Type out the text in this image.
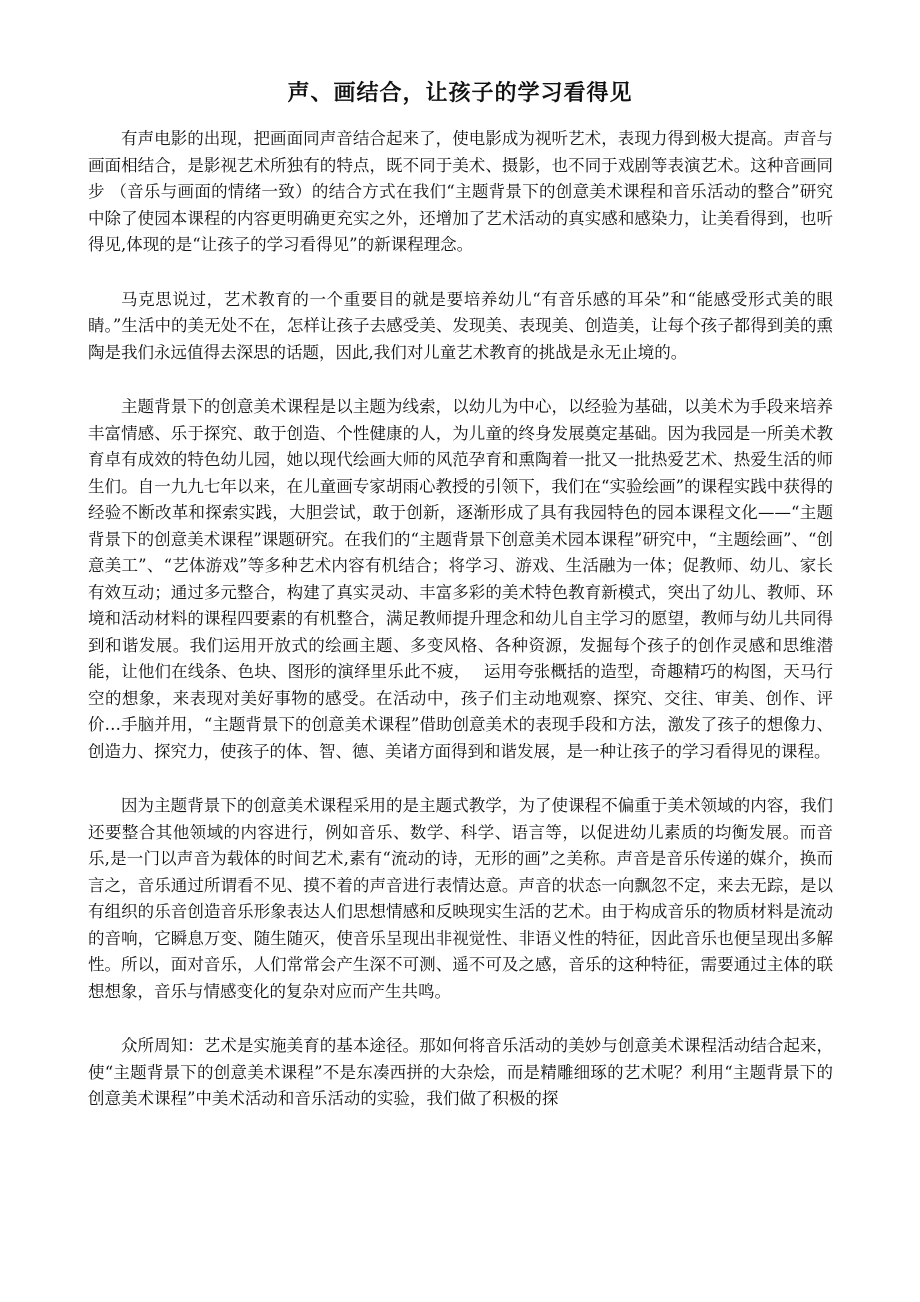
声、画结合，让孩子的学习看得见

有声电影的出现，把画面同声音结合起来了，使电影成为视听艺术，表现力得到极大提高。声音与画面相结合，是影视艺术所独有的特点，既不同于美术、摄影，也不同于戏剧等表演艺术。这种音画同步 （音乐与画面的情绪一致）的结合方式在我们“主题背景下的创意美术课程和音乐活动的整合”研究中除了使园本课程的内容更明确更充实之外，还增加了艺术活动的真实感和感染力，让美看得到，也听得见,体现的是“让孩子的学习看得见”的新课程理念。

马克思说过，艺术教育的一个重要目的就是要培养幼儿“有音乐感的耳朵”和“能感受形式美的眼睛。”生活中的美无处不在，怎样让孩子去感受美、发现美、表现美、创造美，让每个孩子都得到美的熏陶是我们永远值得去深思的话题，因此,我们对儿童艺术教育的挑战是永无止境的。

主题背景下的创意美术课程是以主题为线索，以幼儿为中心，以经验为基础，以美术为手段来培养丰富情感、乐于探究、敢于创造、个性健康的人，为儿童的终身发展奠定基础。因为我园是一所美术教育卓有成效的特色幼儿园，她以现代绘画大师的风范孕育和熏陶着一批又一批热爱艺术、热爱生活的师生们。自一九九七年以来，在儿童画专家胡雨心教授的引领下，我们在“实验绘画”的课程实践中获得的经验不断改革和探索实践，大胆尝试，敢于创新，逐渐形成了具有我园特色的园本课程文化——“主题背景下的创意美术课程”课题研究。在我们的“主题背景下创意美术园本课程”研究中，“主题绘画”、“创意美工”、“艺体游戏”等多种艺术内容有机结合；将学习、游戏、生活融为一体；促教师、幼儿、家长有效互动；通过多元整合，构建了真实灵动、丰富多彩的美术特色教育新模式，突出了幼儿、教师、环境和活动材料的课程四要素的有机整合，满足教师提升理念和幼儿自主学习的愿望，教师与幼儿共同得到和谐发展。我们运用开放式的绘画主题、多变风格、各种资源，发掘每个孩子的创作灵感和思维潜能，让他们在线条、色块、图形的演绎里乐此不疲，　 运用夸张概括的造型，奇趣精巧的构图，天马行空的想象，来表现对美好事物的感受。在活动中，孩子们主动地观察、探究、交往、审美、创作、评价…手脑并用，“主题背景下的创意美术课程”借助创意美术的表现手段和方法，激发了孩子的想像力、创造力、探究力，使孩子的体、智、德、美诸方面得到和谐发展，是一种让孩子的学习看得见的课程。

因为主题背景下的创意美术课程采用的是主题式教学，为了使课程不偏重于美术领域的内容，我们还要整合其他领域的内容进行，例如音乐、数学、科学、语言等，以促进幼儿素质的均衡发展。而音乐,是一门以声音为载体的时间艺术,素有“流动的诗，无形的画”之美称。声音是音乐传递的媒介，换而言之，音乐通过所谓看不见、摸不着的声音进行表情达意。声音的状态一向飘忽不定，来去无踪，是以有组织的乐音创造音乐形象表达人们思想情感和反映现实生活的艺术。由于构成音乐的物质材料是流动的音响，它瞬息万变、随生随灭，使音乐呈现出非视觉性、非语义性的特征，因此音乐也便呈现出多解性。所以，面对音乐，人们常常会产生深不可测、遥不可及之感，音乐的这种特征，需要通过主体的联想想象，音乐与情感变化的复杂对应而产生共鸣。

众所周知：艺术是实施美育的基本途径。那如何将音乐活动的美妙与创意美术课程活动结合起来，使“主题背景下的创意美术课程”不是东凑西拼的大杂烩，而是精雕细琢的艺术呢？利用“主题背景下的创意美术课程”中美术活动和音乐活动的实验，我们做了积极的探
